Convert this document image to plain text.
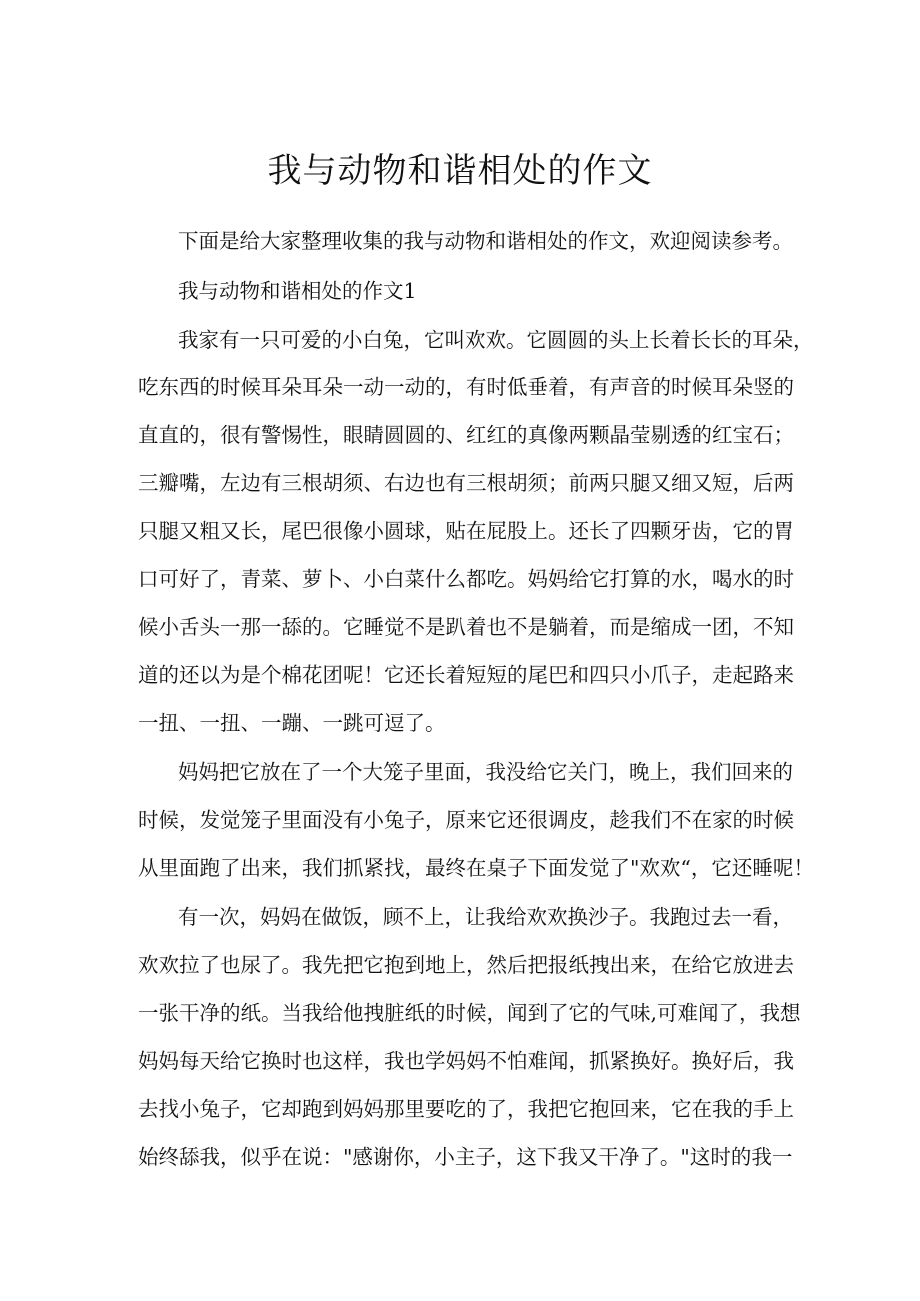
我与动物和谐相处的作文

下面是给大家整理收集的我与动物和谐相处的作文，欢迎阅读参考。

我与动物和谐相处的作文1

我家有一只可爱的小白兔，它叫欢欢。它圆圆的头上长着长长的耳朵，

吃东西的时候耳朵耳朵一动一动的，有时低垂着，有声音的时候耳朵竖的

直直的，很有警惕性，眼睛圆圆的、红红的真像两颗晶莹剔透的红宝石；

三瓣嘴，左边有三根胡须、右边也有三根胡须；前两只腿又细又短，后两

只腿又粗又长，尾巴很像小圆球，贴在屁股上。还长了四颗牙齿，它的胃

口可好了，青菜、萝卜、小白菜什么都吃。妈妈给它打算的水，喝水的时

候小舌头一那一舔的。它睡觉不是趴着也不是躺着，而是缩成一团，不知

道的还以为是个棉花团呢！它还长着短短的尾巴和四只小爪子，走起路来

一扭、一扭、一蹦、一跳可逗了。

妈妈把它放在了一个大笼子里面，我没给它关门，晚上，我们回来的

时候，发觉笼子里面没有小兔子，原来它还很调皮，趁我们不在家的时候

从里面跑了出来，我们抓紧找，最终在桌子下面发觉了"欢欢“，它还睡呢！

有一次，妈妈在做饭，顾不上，让我给欢欢换沙子。我跑过去一看，

欢欢拉了也尿了。我先把它抱到地上，然后把报纸拽出来，在给它放进去

一张干净的纸。当我给他拽脏纸的时候，闻到了它的气味,可难闻了，我想

妈妈每天给它换时也这样，我也学妈妈不怕难闻，抓紧换好。换好后，我

去找小兔子，它却跑到妈妈那里要吃的了，我把它抱回来，它在我的手上

始终舔我，似乎在说："感谢你，小主子，这下我又干净了。"这时的我一
